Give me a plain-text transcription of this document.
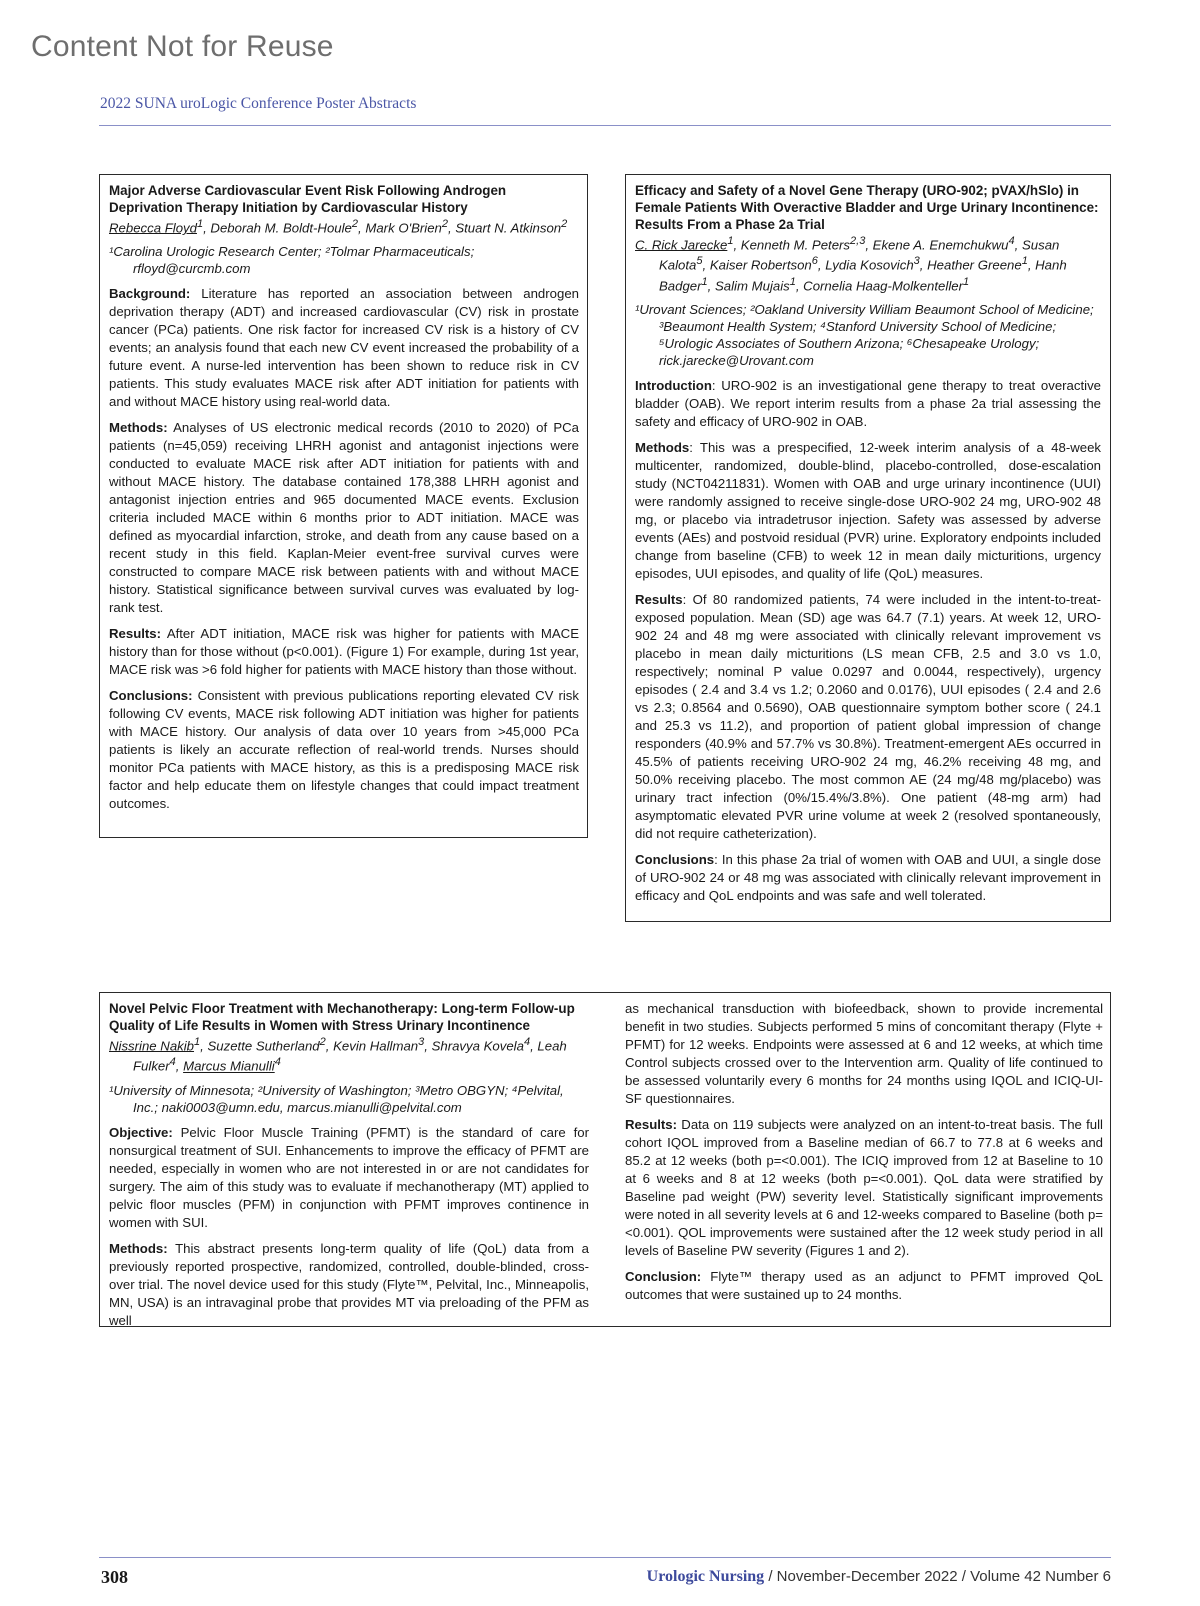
Content Not for Reuse
2022 SUNA uroLogic Conference Poster Abstracts

Major Adverse Cardiovascular Event Risk Following Androgen Deprivation Therapy Initiation by Cardiovascular History

Rebecca Floyd$^1$, Deborah M. Boldt-Houle$^2$, Mark O'Brien$^2$, Stuart N. Atkinson$^2$

¹Carolina Urologic Research Center; ²Tolmar Pharmaceuticals; rfloyd@curcmb.com

Background: Literature has reported an association between androgen deprivation therapy (ADT) and increased cardiovascular (CV) risk in prostate cancer (PCa) patients. One risk factor for increased CV risk is a history of CV events; an analysis found that each new CV event increased the probability of a future event. A nurse-led intervention has been shown to reduce risk in CV patients. This study evaluates MACE risk after ADT initiation for patients with and without MACE history using real-world data.

Methods: Analyses of US electronic medical records (2010 to 2020) of PCa patients (n=45,059) receiving LHRH agonist and antagonist injections were conducted to evaluate MACE risk after ADT initiation for patients with and without MACE history. The database contained 178,388 LHRH agonist and antagonist injection entries and 965 documented MACE events. Exclusion criteria included MACE within 6 months prior to ADT initiation. MACE was defined as myocardial infarction, stroke, and death from any cause based on a recent study in this field. Kaplan-Meier event-free survival curves were constructed to compare MACE risk between patients with and without MACE history. Statistical significance between survival curves was evaluated by log-rank test.

Results: After ADT initiation, MACE risk was higher for patients with MACE history than for those without (p<0.001). (Figure 1) For example, during 1st year, MACE risk was >6 fold higher for patients with MACE history than those without.

Conclusions: Consistent with previous publications reporting elevated CV risk following CV events, MACE risk following ADT initiation was higher for patients with MACE history. Our analysis of data over 10 years from >45,000 PCa patients is likely an accurate reflection of real-world trends. Nurses should monitor PCa patients with MACE history, as this is a predisposing MACE risk factor and help educate them on lifestyle changes that could impact treatment outcomes.

Efficacy and Safety of a Novel Gene Therapy (URO-902; pVAX/hSlo) in Female Patients With Overactive Bladder and Urge Urinary Incontinence: Results From a Phase 2a Trial

C. Rick Jarecke$^1$, Kenneth M. Peters$^{2,3}$, Ekene A. Enemchukwu$^4$, Susan Kalota$^5$, Kaiser Robertson$^6$, Lydia Kosovich$^3$, Heather Greene$^1$, Hanh Badger$^1$, Salim Mujais$^1$, Cornelia Haag-Molkenteller$^1$

¹Urovant Sciences; ²Oakland University William Beaumont School of Medicine; ³Beaumont Health System; ⁴Stanford University School of Medicine; ⁵Urologic Associates of Southern Arizona; ⁶Chesapeake Urology; rick.jarecke@Urovant.com

Introduction: URO-902 is an investigational gene therapy to treat overactive bladder (OAB). We report interim results from a phase 2a trial assessing the safety and efficacy of URO-902 in OAB.

Methods: This was a prespecified, 12-week interim analysis of a 48-week multicenter, randomized, double-blind, placebo-controlled, dose-escalation study (NCT04211831). Women with OAB and urge urinary incontinence (UUI) were randomly assigned to receive single-dose URO-902 24 mg, URO-902 48 mg, or placebo via intradetrusor injection. Safety was assessed by adverse events (AEs) and postvoid residual (PVR) urine. Exploratory endpoints included change from baseline (CFB) to week 12 in mean daily micturitions, urgency episodes, UUI episodes, and quality of life (QoL) measures.

Results: Of 80 randomized patients, 74 were included in the intent-to-treat-exposed population. Mean (SD) age was 64.7 (7.1) years. At week 12, URO-902 24 and 48 mg were associated with clinically relevant improvement vs placebo in mean daily micturitions (LS mean CFB, 2.5 and 3.0 vs 1.0, respectively; nominal P value 0.0297 and 0.0044, respectively), urgency episodes ( 2.4 and 3.4 vs 1.2; 0.2060 and 0.0176), UUI episodes ( 2.4 and 2.6 vs 2.3; 0.8564 and 0.5690), OAB questionnaire symptom bother score ( 24.1 and 25.3 vs 11.2), and proportion of patient global impression of change responders (40.9% and 57.7% vs 30.8%). Treatment-emergent AEs occurred in 45.5% of patients receiving URO-902 24 mg, 46.2% receiving 48 mg, and 50.0% receiving placebo. The most common AE (24 mg/48 mg/placebo) was urinary tract infection (0%/15.4%/3.8%). One patient (48-mg arm) had asymptomatic elevated PVR urine volume at week 2 (resolved spontaneously, did not require catheterization).

Conclusions: In this phase 2a trial of women with OAB and UUI, a single dose of URO-902 24 or 48 mg was associated with clinically relevant improvement in efficacy and QoL endpoints and was safe and well tolerated.

Novel Pelvic Floor Treatment with Mechanotherapy: Long-term Follow-up Quality of Life Results in Women with Stress Urinary Incontinence

Nissrine Nakib$^1$, Suzette Sutherland$^2$, Kevin Hallman$^3$, Shravya Kovela$^4$, Leah Fulker$^4$, Marcus Mianulli$^4$

¹University of Minnesota; ²University of Washington; ³Metro OBGYN; ⁴Pelvital, Inc.; naki0003@umn.edu, marcus.mianulli@pelvital.com

Objective: Pelvic Floor Muscle Training (PFMT) is the standard of care for nonsurgical treatment of SUI. Enhancements to improve the efficacy of PFMT are needed, especially in women who are not interested in or are not candidates for surgery. The aim of this study was to evaluate if mechanotherapy (MT) applied to pelvic floor muscles (PFM) in conjunction with PFMT improves continence in women with SUI.

Methods: This abstract presents long-term quality of life (QoL) data from a previously reported prospective, randomized, controlled, double-blinded, cross-over trial. The novel device used for this study (Flyte™, Pelvital, Inc., Minneapolis, MN, USA) is an intravaginal probe that provides MT via preloading of the PFM as well

as mechanical transduction with biofeedback, shown to provide incremental benefit in two studies. Subjects performed 5 mins of concomitant therapy (Flyte + PFMT) for 12 weeks. Endpoints were assessed at 6 and 12 weeks, at which time Control subjects crossed over to the Intervention arm. Quality of life continued to be assessed voluntarily every 6 months for 24 months using IQOL and ICIQ-UI-SF questionnaires.

Results: Data on 119 subjects were analyzed on an intent-to-treat basis. The full cohort IQOL improved from a Baseline median of 66.7 to 77.8 at 6 weeks and 85.2 at 12 weeks (both p=<0.001). The ICIQ improved from 12 at Baseline to 10 at 6 weeks and 8 at 12 weeks (both p=<0.001). QoL data were stratified by Baseline pad weight (PW) severity level. Statistically significant improvements were noted in all severity levels at 6 and 12-weeks compared to Baseline (both p=<0.001). QOL improvements were sustained after the 12 week study period in all levels of Baseline PW severity (Figures 1 and 2).

Conclusion: Flyte™ therapy used as an adjunct to PFMT improved QoL outcomes that were sustained up to 24 months.

308	Urologic Nursing / November-December 2022 / Volume 42 Number 6
